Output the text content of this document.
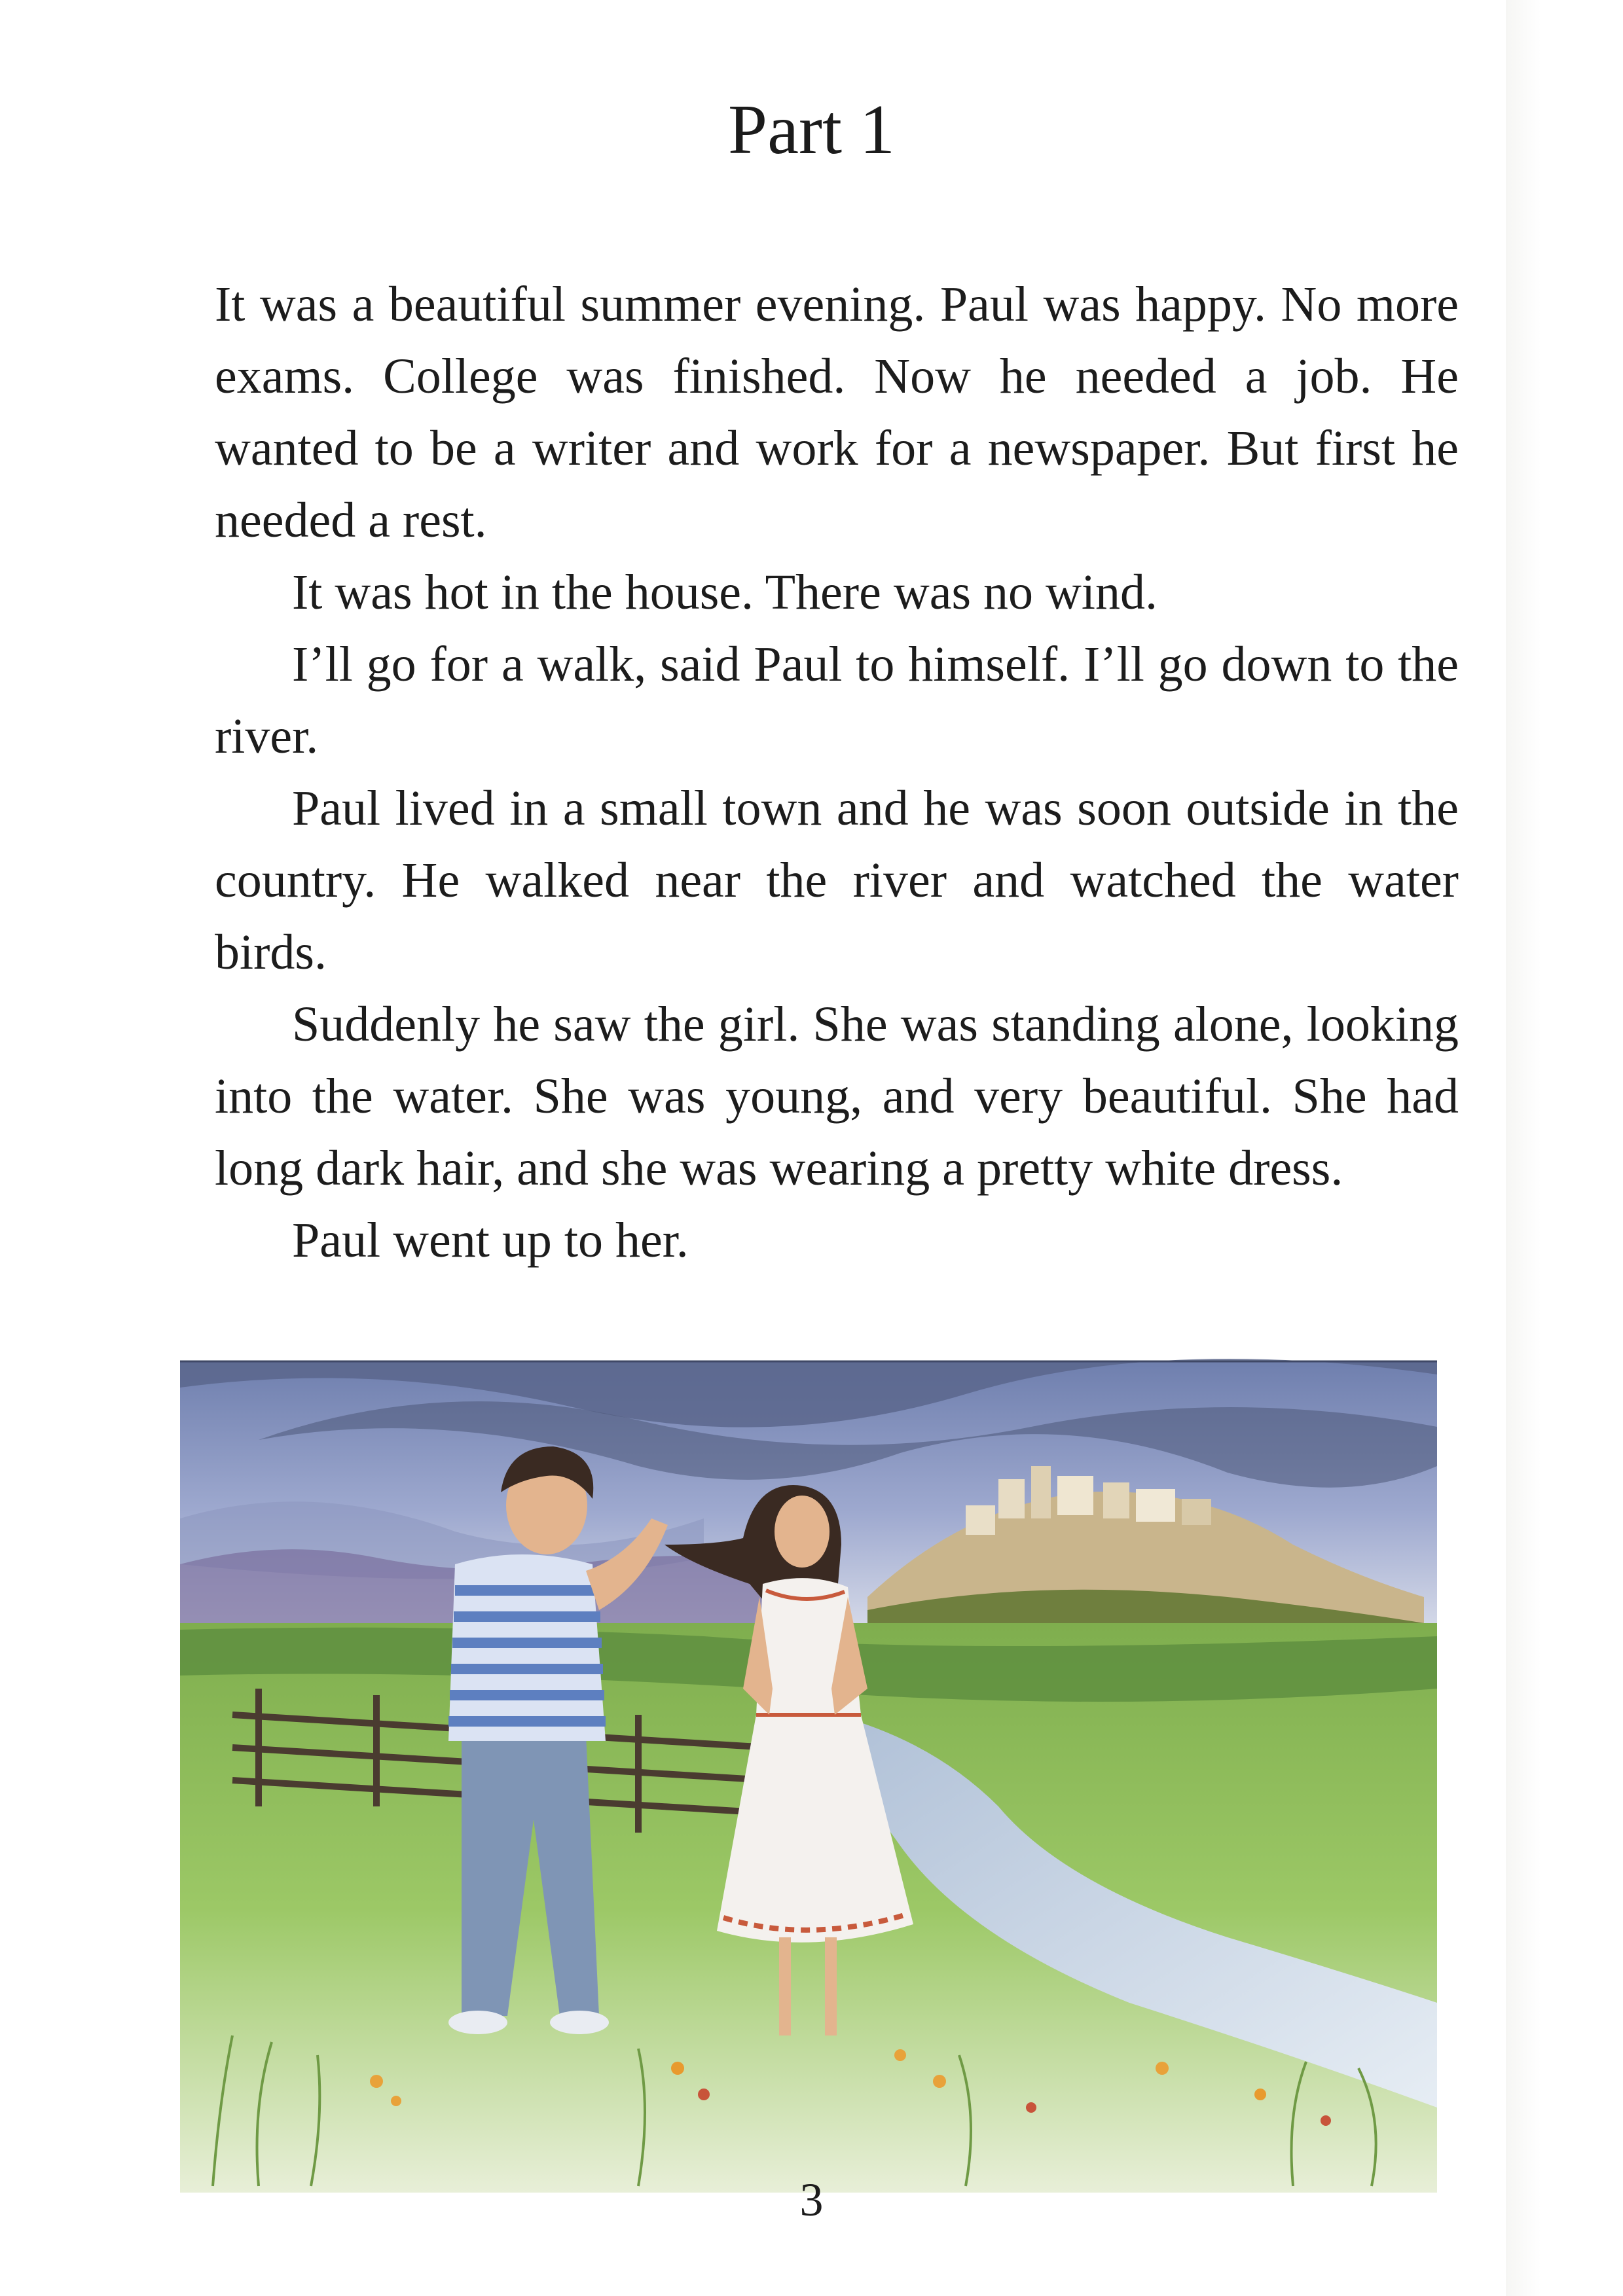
Part 1

It was a beautiful summer evening. Paul was happy. No more exams. College was finished. Now he needed a job. He wanted to be a writer and work for a newspaper. But first he needed a rest.

It was hot in the house. There was no wind.

I’ll go for a walk, said Paul to himself. I’ll go down to the river.

Paul lived in a small town and he was soon outside in the country. He walked near the river and watched the water birds.

Suddenly he saw the girl. She was standing alone, looking into the water. She was young, and very beautiful. She had long dark hair, and she was wearing a pretty white dress.

Paul went up to her.

3
